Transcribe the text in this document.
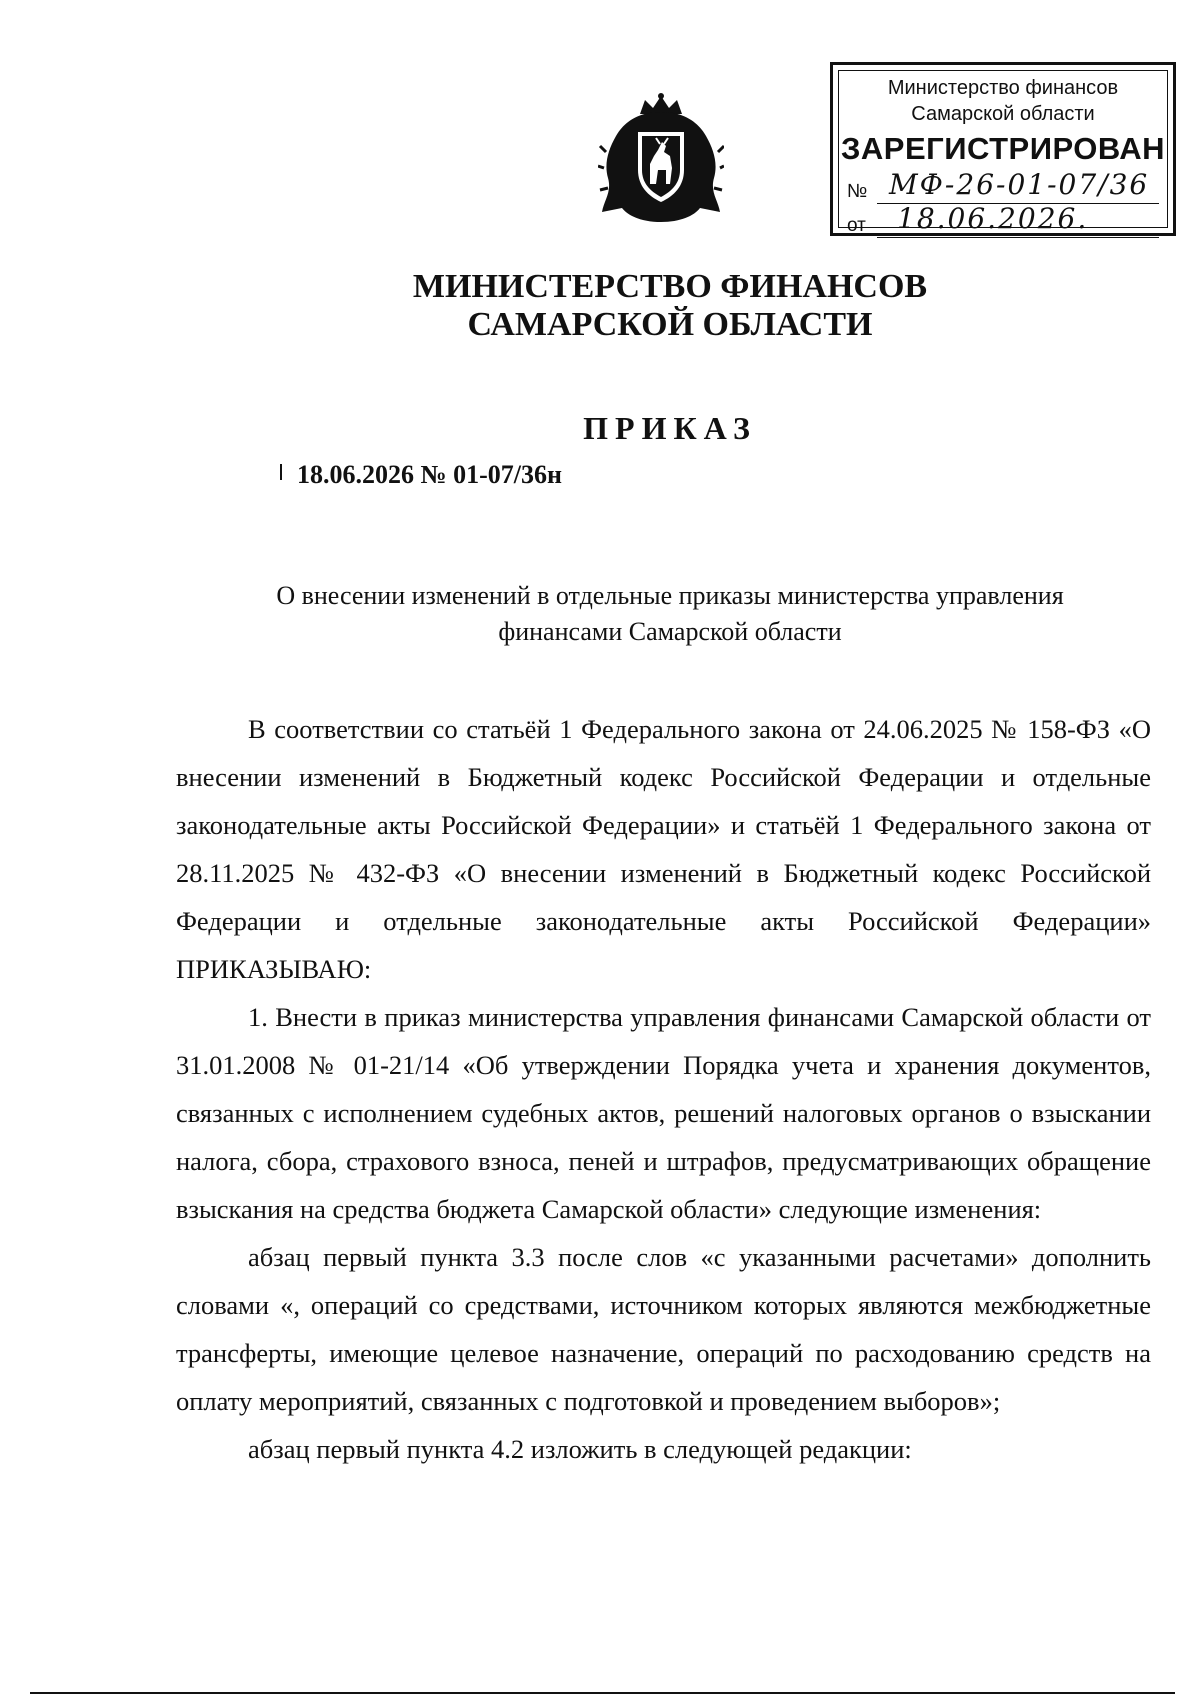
Министерство финансов
Самарской области
ЗАРЕГИСТРИРОВАН
№ МФ-26-01-07/36
от 18.06.2026.
МИНИСТЕРСТВО ФИНАНСОВ
САМАРСКОЙ ОБЛАСТИ
ПРИКАЗ
18.06.2026 № 01-07/36н
О внесении изменений в отдельные приказы министерства управления
финансами Самарской области

В соответствии со статьёй 1 Федерального закона от 24.06.2025 № 158-ФЗ «О внесении изменений в Бюджетный кодекс Российской Федерации и отдельные законодательные акты Российской Федерации» и статьёй 1 Федерального закона от 28.11.2025 № 432-ФЗ «О внесении изменений в Бюджетный кодекс Российской Федерации и отдельные законодательные акты Российской Федерации» ПРИКАЗЫВАЮ:

1. Внести в приказ министерства управления финансами Самарской области от 31.01.2008 № 01-21/14 «Об утверждении Порядка учета и хранения документов, связанных с исполнением судебных актов, решений налоговых органов о взыскании налога, сбора, страхового взноса, пеней и штрафов, предусматривающих обращение взыскания на средства бюджета Самарской области» следующие изменения:

абзац первый пункта 3.3 после слов «с указанными расчетами» дополнить словами «, операций со средствами, источником которых являются межбюджетные трансферты, имеющие целевое назначение, операций по расходованию средств на оплату мероприятий, связанных с подготовкой и проведением выборов»;

абзац первый пункта 4.2 изложить в следующей редакции:
